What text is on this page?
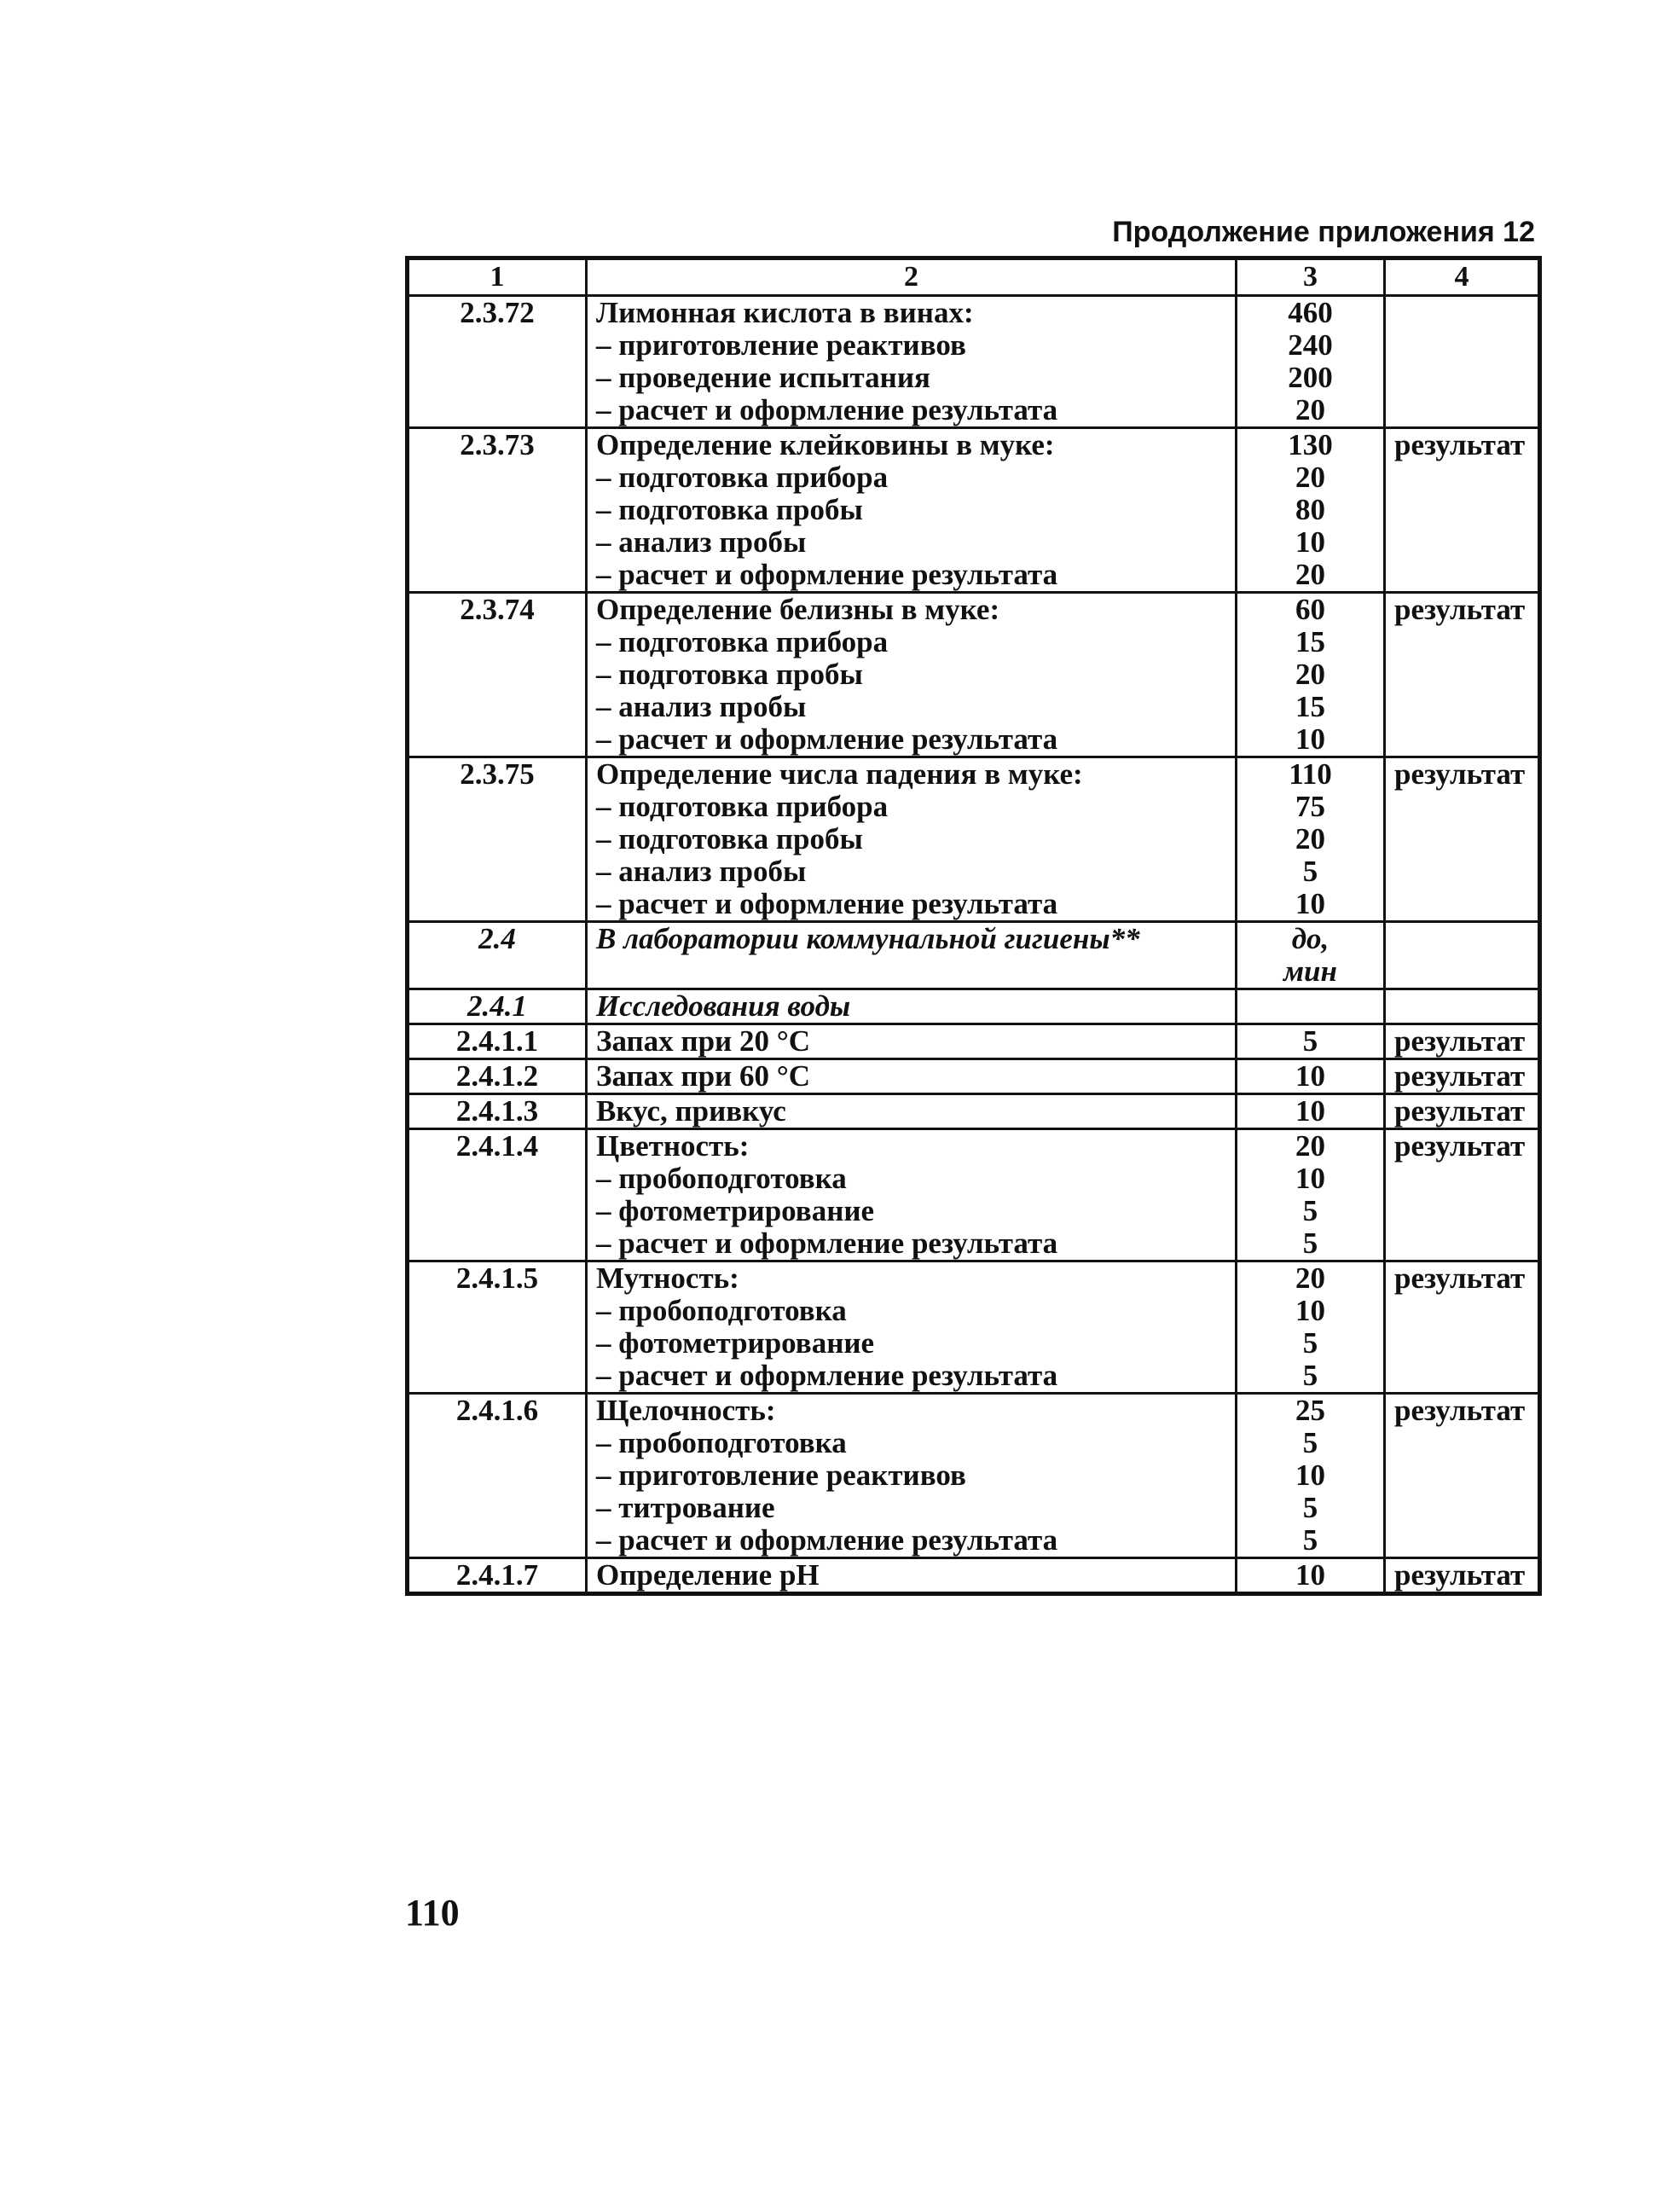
Продолжение приложения 12
1	2	3	4
2.3.72	Лимонная кислота в винах:
– приготовление реактивов
– проведение испытания
– расчет и оформление результата	460
240
200
20	

2.3.73	Определение клейковины в муке:
– подготовка прибора
– подготовка пробы
– анализ пробы
– расчет и оформление результата	130
20
80
10
20	результат
2.3.74	Определение белизны в муке:
– подготовка прибора
– подготовка пробы
– анализ пробы
– расчет и оформление результата	60
15
20
15
10	результат
2.3.75	Определение числа падения в муке:
– подготовка прибора
– подготовка пробы
– анализ пробы
– расчет и оформление результата	110
75
20
5
10	результат
2.4	В лаборатории коммунальной гигиены**	до,
мин	

2.4.1	Исследования воды		

2.4.1.1	Запах при 20 °С	5	результат
2.4.1.2	Запах при 60 °С	10	результат
2.4.1.3	Вкус, привкус	10	результат
2.4.1.4	Цветность:
– пробоподготовка
– фотометрирование
– расчет и оформление результата	20
10
5
5	результат
2.4.1.5	Мутность:
– пробоподготовка
– фотометрирование
– расчет и оформление результата	20
10
5
5	результат
2.4.1.6	Щелочность:
– пробоподготовка
– приготовление реактивов
– титрование
– расчет и оформление результата	25
5
10
5
5	результат
2.4.1.7	Определение pH	10	результат
110
